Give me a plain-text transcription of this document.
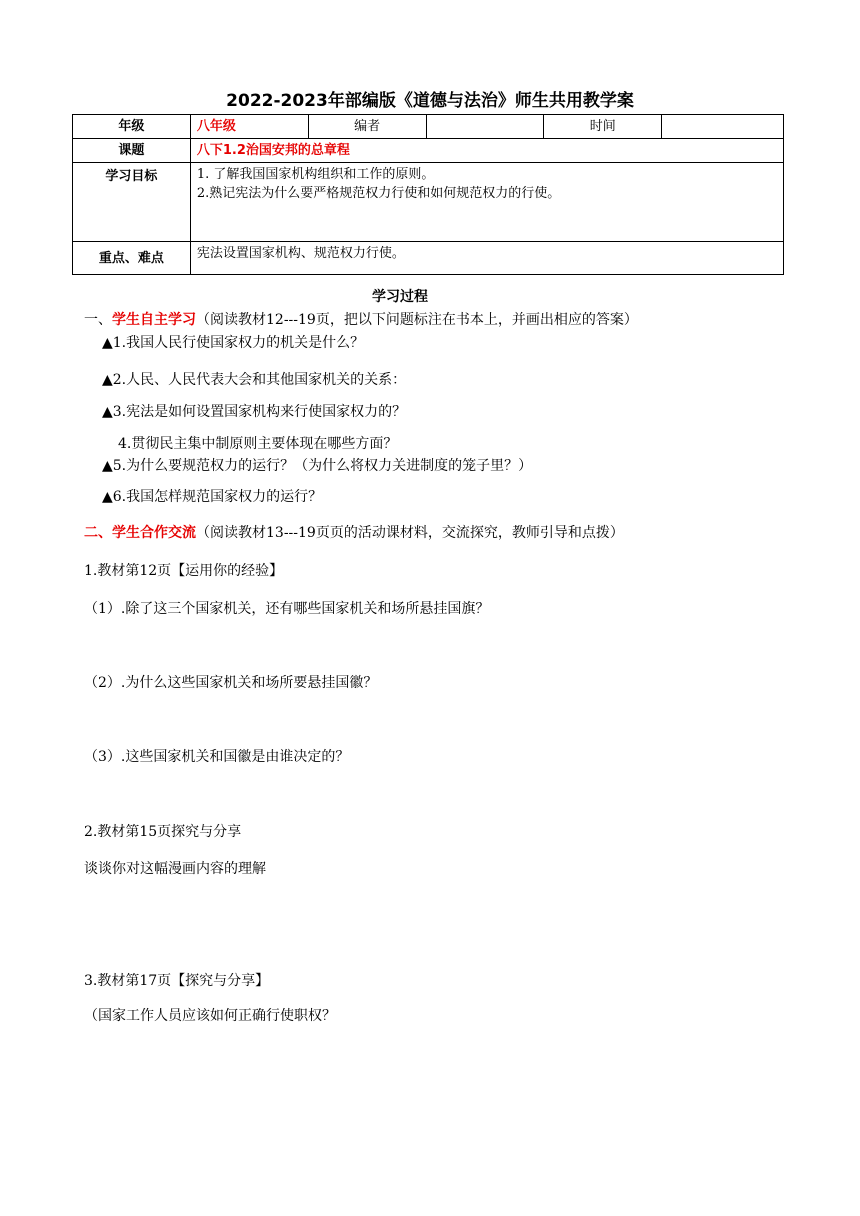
2022-2023年部编版《道德与法治》师生共用教学案
年级	八年级	编者		时间	
课题	八下1.2治国安邦的总章程				
学习目标	1. 了解我国国家机构组织和工作的原则。
2.熟记宪法为什么要严格规范权力行使和如何规范权力的行使。				

重点、难点	宪法设置国家机构、规范权力行使。				
学习过程
一、学生自主学习（阅读教材12---19页，把以下问题标注在书本上，并画出相应的答案）
▲1.我国人民行使国家权力的机关是什么？
▲2.人民、人民代表大会和其他国家机关的关系：
▲3.宪法是如何设置国家机构来行使国家权力的？
4.贯彻民主集中制原则主要体现在哪些方面？
▲5.为什么要规范权力的运行？（为什么将权力关进制度的笼子里？）
▲6.我国怎样规范国家权力的运行？
二、学生合作交流（阅读教材13---19页页的活动课材料，交流探究，教师引导和点拨）
1.教材第12页【运用你的经验】
（1）.除了这三个国家机关，还有哪些国家机关和场所悬挂国旗？
（2）.为什么这些国家机关和场所要悬挂国徽？
（3）.这些国家机关和国徽是由谁决定的？
2.教材第15页探究与分享
谈谈你对这幅漫画内容的理解
3.教材第17页【探究与分享】
（国家工作人员应该如何正确行使职权？
